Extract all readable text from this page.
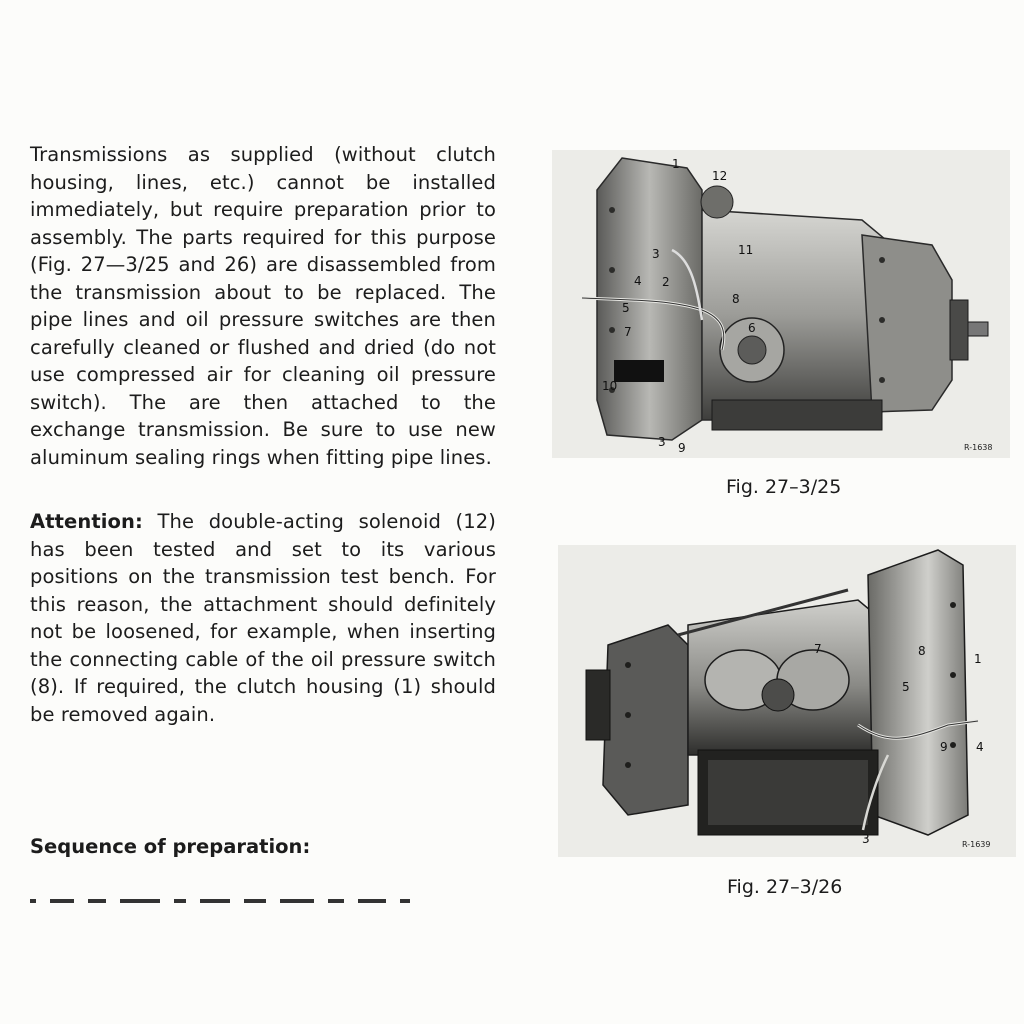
Transmissions as supplied (without clutch housing, lines, etc.) cannot be installed immediately, but require preparation prior to assembly. The parts required for this purpose (Fig. 27—3/25 and 26) are disassembled from the transmission about to be replaced. The pipe lines and oil pressure switches are then carefully cleaned or flushed and dried (do not use compressed air for cleaning oil pressure switch). The are then attached to the exchange transmission. Be sure to use new aluminum sealing rings when fitting pipe lines.

Attention: The double-acting solenoid (12) has been tested and set to its various positions on the transmission test bench. For this reason, the attachment should definitely not be loosened, for example, when inserting the connecting cable of the oil pressure switch (8). If required, the clutch housing (1) should be removed again.

Sequence of preparation:

1
12
3	11
4 2
8
5
6
7
10
3 9	R-1638

Fig. 27–3/25

8
7
1
5
9 4
3	R-1639

Fig. 27–3/26
